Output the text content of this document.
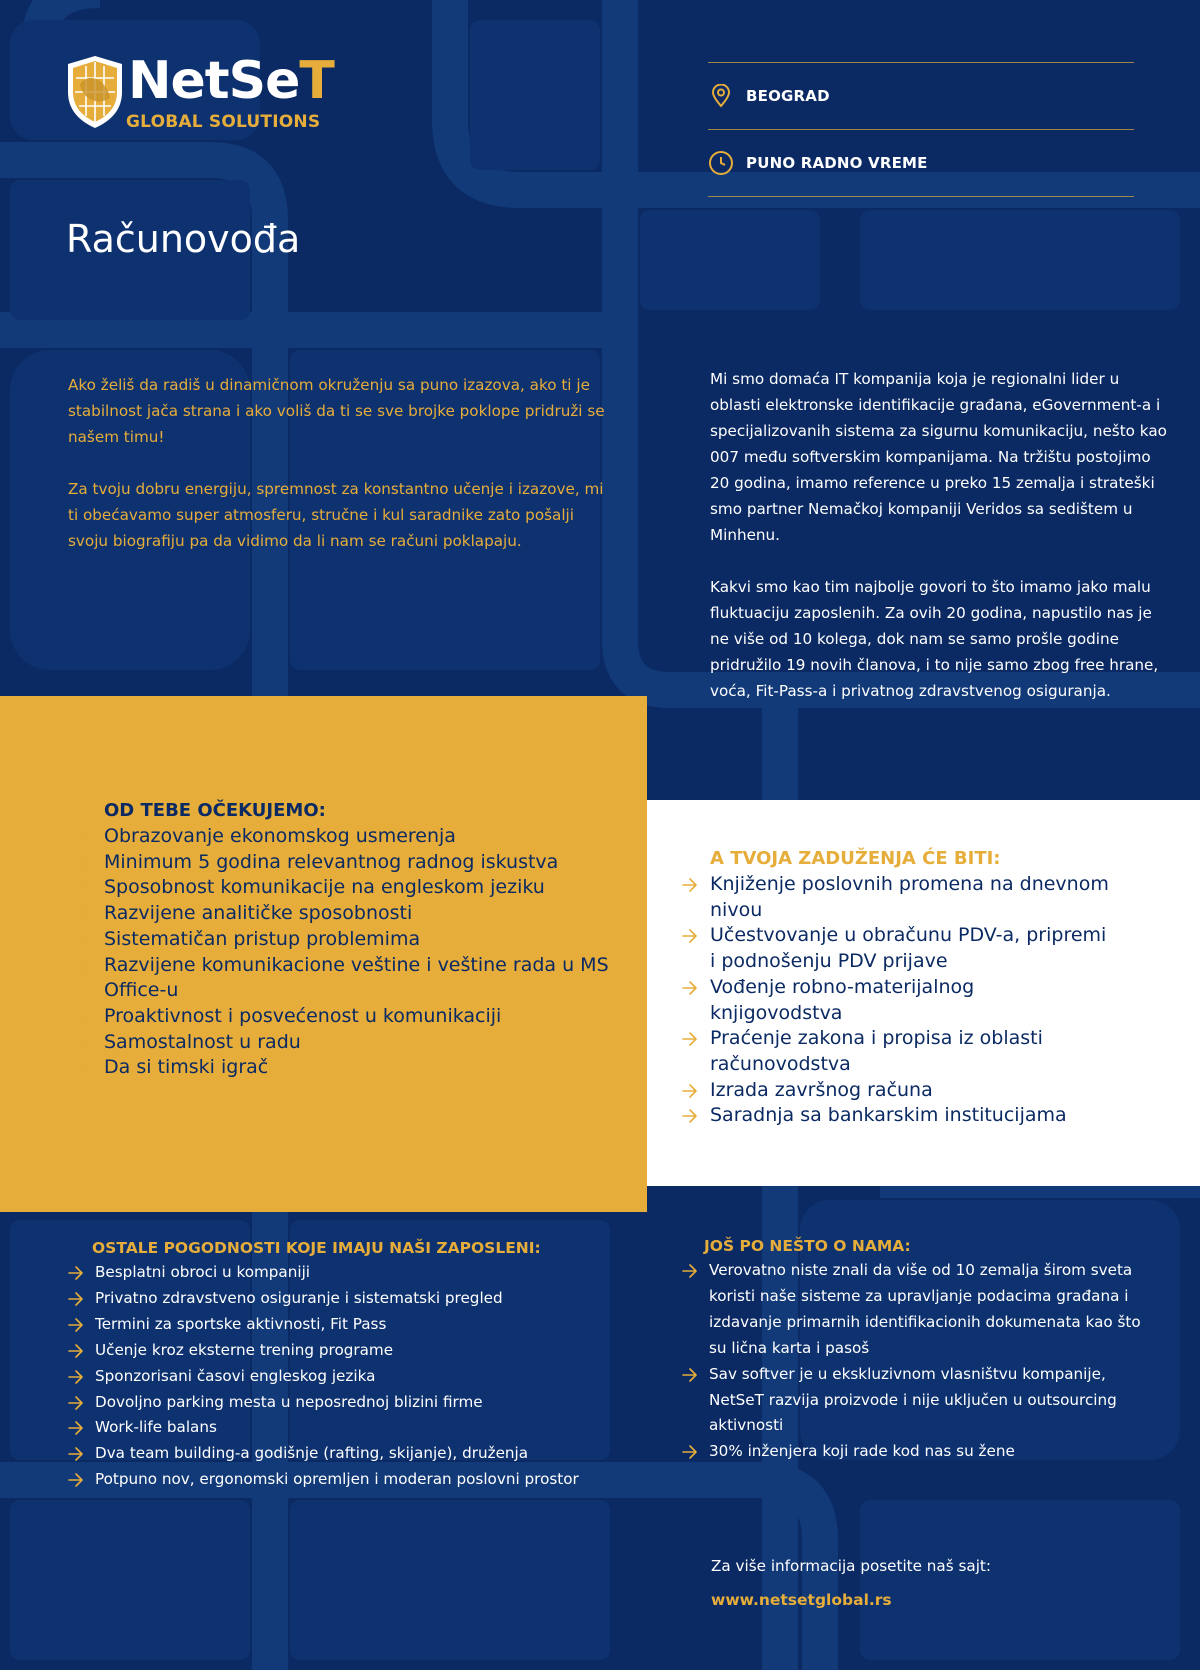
NetSeT
GLOBAL SOLUTIONS
BEOGRAD
PUNO RADNO VREME
Računovođa

Ako želiš da radiš u dinamičnom okruženju sa puno izazova, ako ti je stabilnost jača strana i ako voliš da ti se sve brojke poklope pridruži se našem timu!

Za tvoju dobru energiju, spremnost za konstantno učenje i izazove, mi ti obećavamo super atmosferu, stručne i kul saradnike zato pošalji svoju biografiju pa da vidimo da li nam se računi poklapaju.

Mi smo domaća IT kompanija koja je regionalni lider u oblasti elektronske identifikacije građana, eGovernment-a i specijalizovanih sistema za sigurnu komunikaciju, nešto kao 007 među softverskim kompanijama. Na tržištu postojimo 20 godina, imamo reference u preko 15 zemalja i strateški smo partner Nemačkoj kompaniji Veridos sa sedištem u Minhenu.

Kakvi smo kao tim najbolje govori to što imamo jako malu fluktuaciju zaposlenih. Za ovih 20 godina, napustilo nas je ne više od 10 kolega, dok nam se samo prošle godine pridružilo 19 novih članova, i to nije samo zbog free hrane, voća, Fit-Pass-a i privatnog zdravstvenog osiguranja.

OD TEBE OČEKUJEMO:
Obrazovanje ekonomskog usmerenja
Minimum 5 godina relevantnog radnog iskustva
Sposobnost komunikacije na engleskom jeziku
Razvijene analitičke sposobnosti
Sistematičan pristup problemima
Razvijene komunikacione veštine i veštine rada u MS Office-u
Proaktivnost i posvećenost u komunikaciji
Samostalnost u radu
Da si timski igrač
A TVOJA ZADUŽENJA ĆE BITI:
Knjiženje poslovnih promena na dnevnom nivou
Učestvovanje u obračunu PDV-a, pripremi i podnošenju PDV prijave
Vođenje robno-materijalnog knjigovodstva
Praćenje zakona i propisa iz oblasti računovodstva
Izrada završnog računa
Saradnja sa bankarskim institucijama
OSTALE POGODNOSTI KOJE IMAJU NAŠI ZAPOSLENI:
Besplatni obroci u kompaniji
Privatno zdravstveno osiguranje i sistematski pregled
Termini za sportske aktivnosti, Fit Pass
Učenje kroz eksterne trening programe
Sponzorisani časovi engleskog jezika
Dovoljno parking mesta u neposrednoj blizini firme
Work-life balans
Dva team building-a godišnje (rafting, skijanje), druženja
Potpuno nov, ergonomski opremljen i moderan poslovni prostor
JOŠ PO NEŠTO O NAMA:
Verovatno niste znali da više od 10 zemalja širom sveta koristi naše sisteme za upravljanje podacima građana i izdavanje primarnih identifikacionih dokumenata kao što su lična karta i pasoš
Sav softver je u ekskluzivnom vlasništvu kompanije, NetSeT razvija proizvode i nije uključen u outsourcing aktivnosti
30% inženjera koji rade kod nas su žene
Za više informacija posetite naš sajt:
www.netsetglobal.rs
